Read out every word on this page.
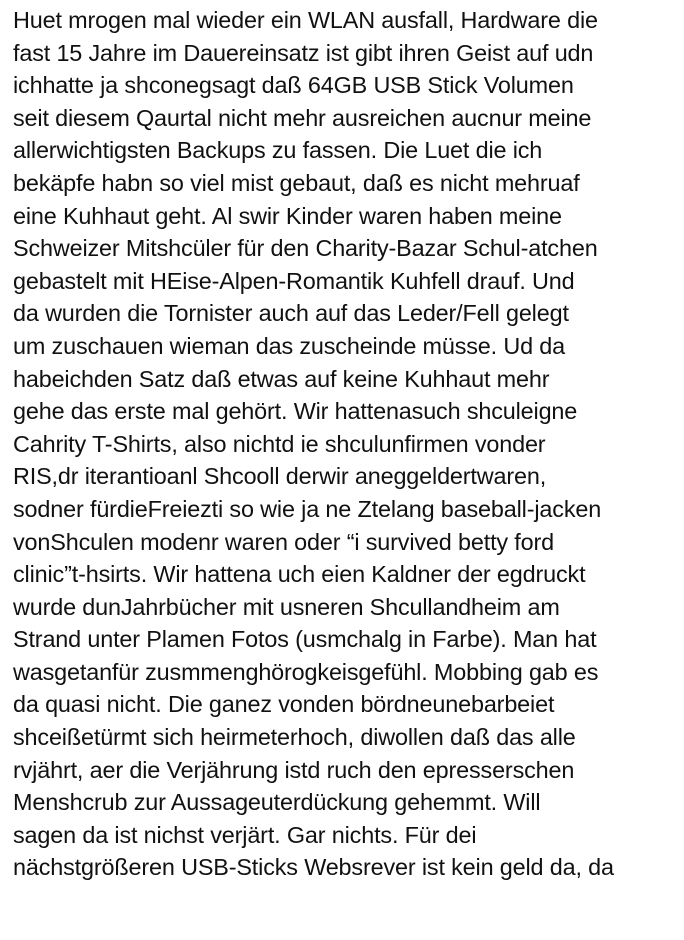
Huet mrogen mal wieder ein WLAN ausfall, Hardware die
fast 15 Jahre im Dauereinsatz ist gibt ihren Geist auf udn
ichhatte ja shconegsagt daß 64GB USB Stick Volumen
seit diesem Qaurtal nicht mehr ausreichen aucnur meine
allerwichtigsten Backups zu fassen. Die Luet die ich
bekäpfe habn so viel mist gebaut, daß es nicht mehruaf
eine Kuhhaut geht. Al swir Kinder waren haben meine
Schweizer Mitshcüler für den Charity-Bazar Schul-atchen
gebastelt mit HEise-Alpen-Romantik Kuhfell drauf. Und
da wurden die Tornister auch auf das Leder/Fell gelegt
um zuschauen wieman das zuscheinde müsse. Ud da
habeichden Satz daß etwas auf keine Kuhhaut mehr
gehe das erste mal gehört. Wir hattenasuch shculeigne
Cahrity T-Shirts, also nichtd ie shculunfirmen vonder
RIS,dr iterantioanl Shcooll derwir aneggeldertwaren,
sodner fürdieFreiezti so wie ja ne Ztelang baseball-jacken
vonShculen modenr waren oder “i survived betty ford
clinic”t-hsirts. Wir hattena uch eien Kaldner der egdruckt
wurde dunJahrbücher mit usneren Shcullandheim am
Strand unter Plamen Fotos (usmchalg in Farbe). Man hat
wasgetanfür zusmmenghörogkeisgefühl. Mobbing gab es
da quasi nicht. Die ganez vonden bördneunebarbeiet
shceißetürmt sich heirmeterhoch, diwollen daß das alle
rvjährt, aer die Verjährung istd ruch den epresserschen
Menshcrub zur Aussageuterdückung gehemmt. Will
sagen da ist nichst verjärt. Gar nichts. Für dei
nächstgrößeren USB-Sticks Websrever ist kein geld da, da
